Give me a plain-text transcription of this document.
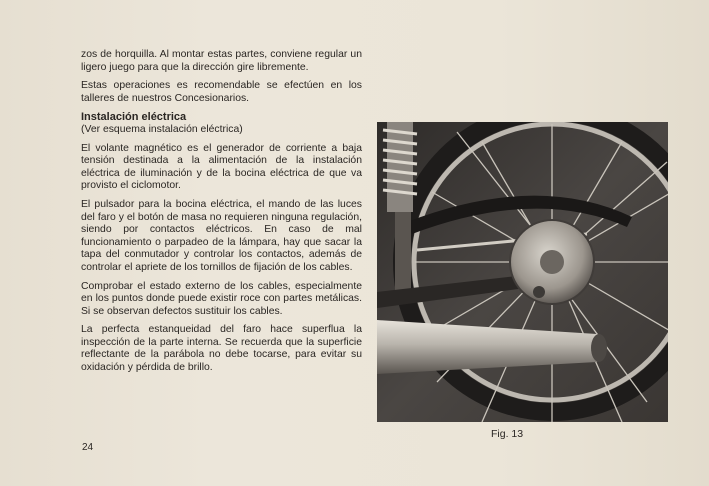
zos de horquilla. Al montar estas partes, conviene regular un ligero juego para que la dirección gire libremente.

Estas operaciones es recomendable se efectúen en los talleres de nuestros Concesionarios.

Instalación eléctrica
(Ver esquema instalación eléctrica)

El volante magnético es el generador de corriente a baja tensión destinada a la alimentación de la instalación eléctrica de iluminación y de la bocina eléctrica de que va provisto el ciclomotor.

El pulsador para la bocina eléctrica, el mando de las luces del faro y el botón de masa no requieren ninguna regulación, siendo por contactos eléctricos. En caso de mal funcionamiento o parpadeo de la lámpara, hay que sacar la tapa del conmutador y controlar los contactos, además de controlar el apriete de los tornillos de fijación de los cables.

Comprobar el estado externo de los cables, especialmente en los puntos donde puede existir roce con partes metálicas. Si se observan defectos sustituir los cables.

La perfecta estanqueidad del faro hace superflua la inspección de la parte interna. Se recuerda que la superficie reflectante de la parábola no debe tocarse, para evitar su oxidación y pérdida de brillo.

24
Fig. 13
